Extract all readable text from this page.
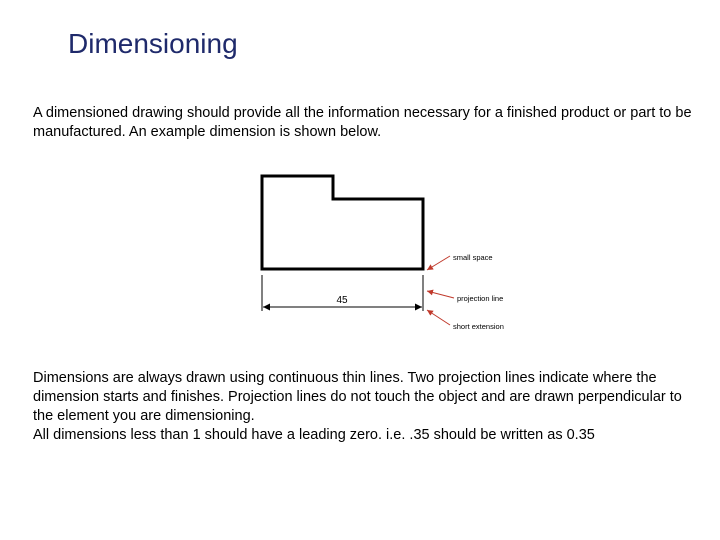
Dimensioning

A dimensioned drawing should provide all the information necessary for a finished product or part to be manufactured. An example dimension is shown below.

45
small space
projection line
short extension

Dimensions are always drawn using continuous thin lines. Two projection lines indicate where the dimension starts and finishes. Projection lines do not touch the object and are drawn perpendicular to the element you are dimensioning.

All dimensions less than 1 should have a leading zero. i.e. .35 should be written as 0.35
